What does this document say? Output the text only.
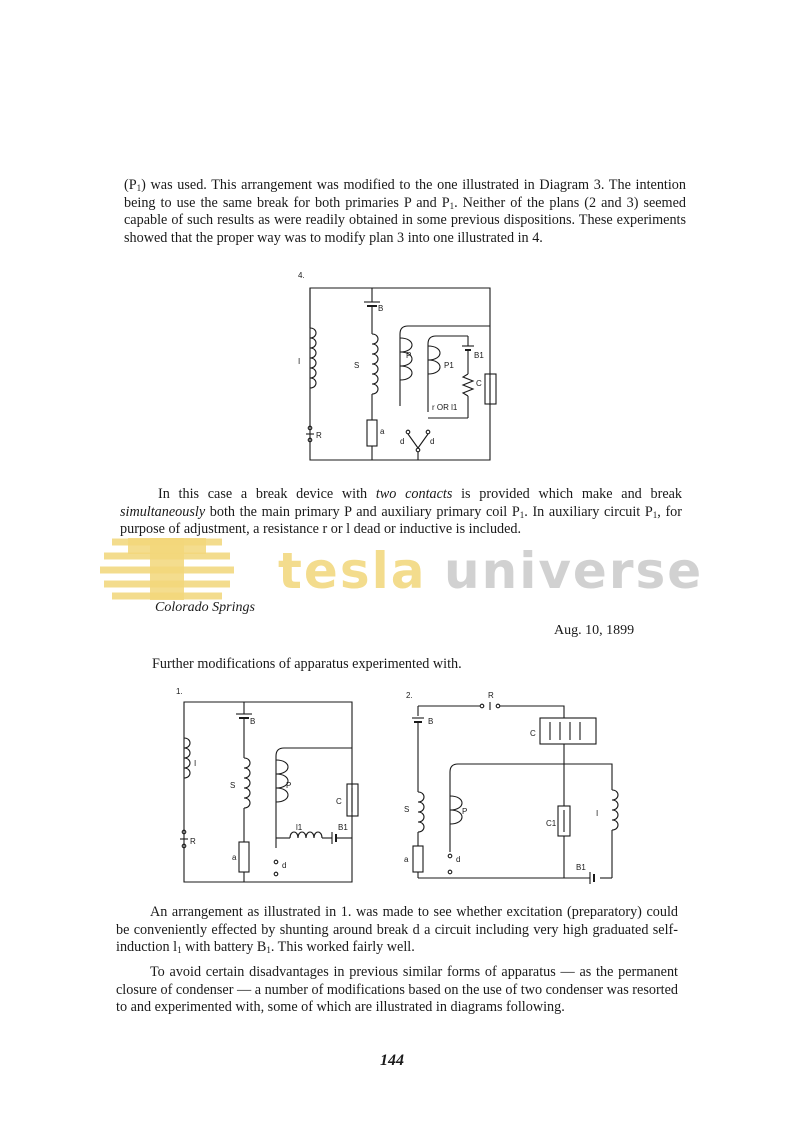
$(P_1)$ was used. This arrangement was modified to the one illustrated in Diagram 3. The intention being to use the same break for both primaries P and $P_1$. Neither of the plans (2 and 3) seemed capable of such results as were readily obtained in some previous dispositions. These experiments showed that the proper way was to modify plan 3 into one illustrated in 4.

4.
B
B1
S
P
P1
C
I
R	a
d	d
r OR l1

In this case a break device with two contacts is provided which make and break simultaneously both the main primary P and auxiliary primary coil $P_1$. In auxiliary circuit $P_1$, for purpose of adjustment, a resistance r or l dead or inductive is included.

tesla universe
Colorado Springs
Aug. 10, 1899

Further modifications of apparatus experimented with.

1.
B
I
S	P
C
R
a
d
l1	B1
2.	R
B
C
S	P
C1
I
a	d
B1

An arrangement as illustrated in 1. was made to see whether excitation (preparatory) could be conveniently effected by shunting around break d a circuit including very high graduated self-induction $l_1$ with battery $B_1$. This worked fairly well.

To avoid certain disadvantages in previous similar forms of apparatus — as the permanent closure of condenser — a number of modifications based on the use of two condenser was resorted to and experimented with, some of which are illustrated in diagrams following.

144
